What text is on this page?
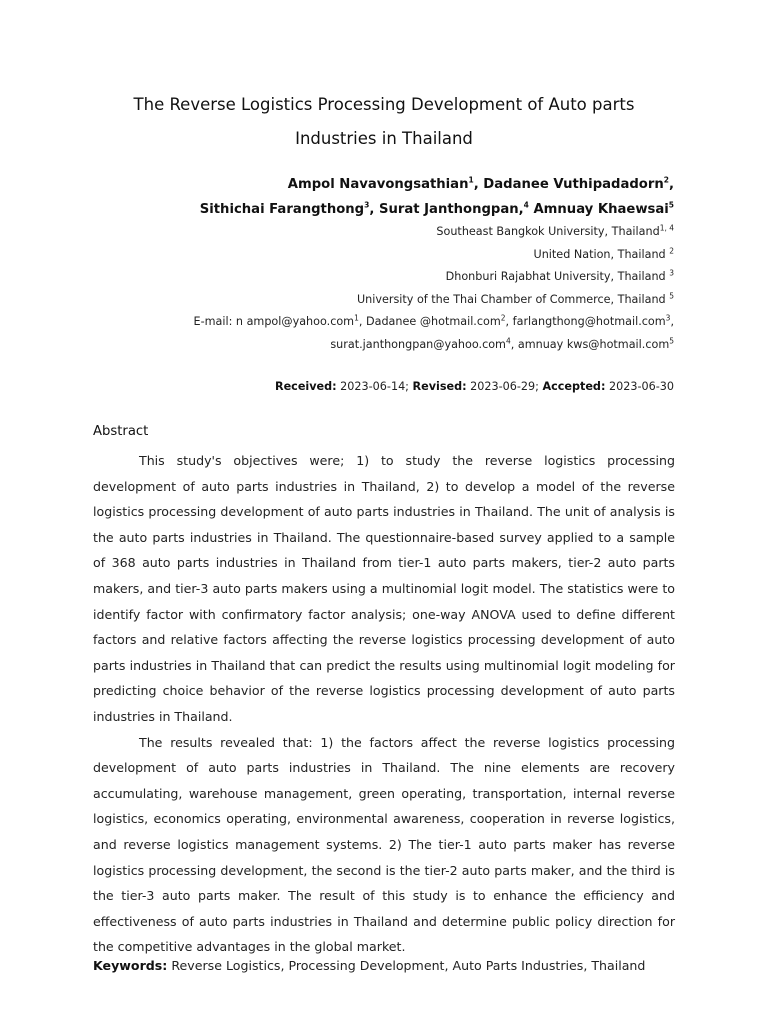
The Reverse Logistics Processing Development of Auto parts
Industries in Thailand
Ampol Navavongsathian$^1$, Dadanee Vuthipadadorn$^2$,
Sithichai Farangthong$^3$, Surat Janthongpan,$^4$ Amnuay Khaewsai$^5$
Southeast Bangkok University, Thailand$^{1, 4}$
United Nation, Thailand $^2$
Dhonburi Rajabhat University, Thailand $^3$
University of the Thai Chamber of Commerce, Thailand $^5$
E-mail: n ampol@yahoo.com$^1$, Dadanee @hotmail.com$^2$, farlangthong@hotmail.com$^3$,
surat.janthongpan@yahoo.com$^4$, amnuay kws@hotmail.com$^5$
Received: 2023-06-14; Revised: 2023-06-29; Accepted: 2023-06-30
Abstract

This study's objectives were; 1) to study the reverse logistics processing development of auto parts industries in Thailand, 2) to develop a model of the reverse logistics processing development of auto parts industries in Thailand. The unit of analysis is the auto parts industries in Thailand. The questionnaire-based survey applied to a sample of 368 auto parts industries in Thailand from tier-1 auto parts makers, tier-2 auto parts makers, and tier-3 auto parts makers using a multinomial logit model. The statistics were to identify factor with confirmatory factor analysis; one-way ANOVA used to define different factors and relative factors affecting the reverse logistics processing development of auto parts industries in Thailand that can predict the results using multinomial logit modeling for predicting choice behavior of the reverse logistics processing development of auto parts industries in Thailand.

The results revealed that: 1) the factors affect the reverse logistics processing development of auto parts industries in Thailand. The nine elements are recovery accumulating, warehouse management, green operating, transportation, internal reverse logistics, economics operating, environmental awareness, cooperation in reverse logistics, and reverse logistics management systems. 2) The tier-1 auto parts maker has reverse logistics processing development, the second is the tier-2 auto parts maker, and the third is the tier-3 auto parts maker. The result of this study is to enhance the efficiency and effectiveness of auto parts industries in Thailand and determine public policy direction for the competitive advantages in the global market.

Keywords: Reverse Logistics, Processing Development, Auto Parts Industries, Thailand
